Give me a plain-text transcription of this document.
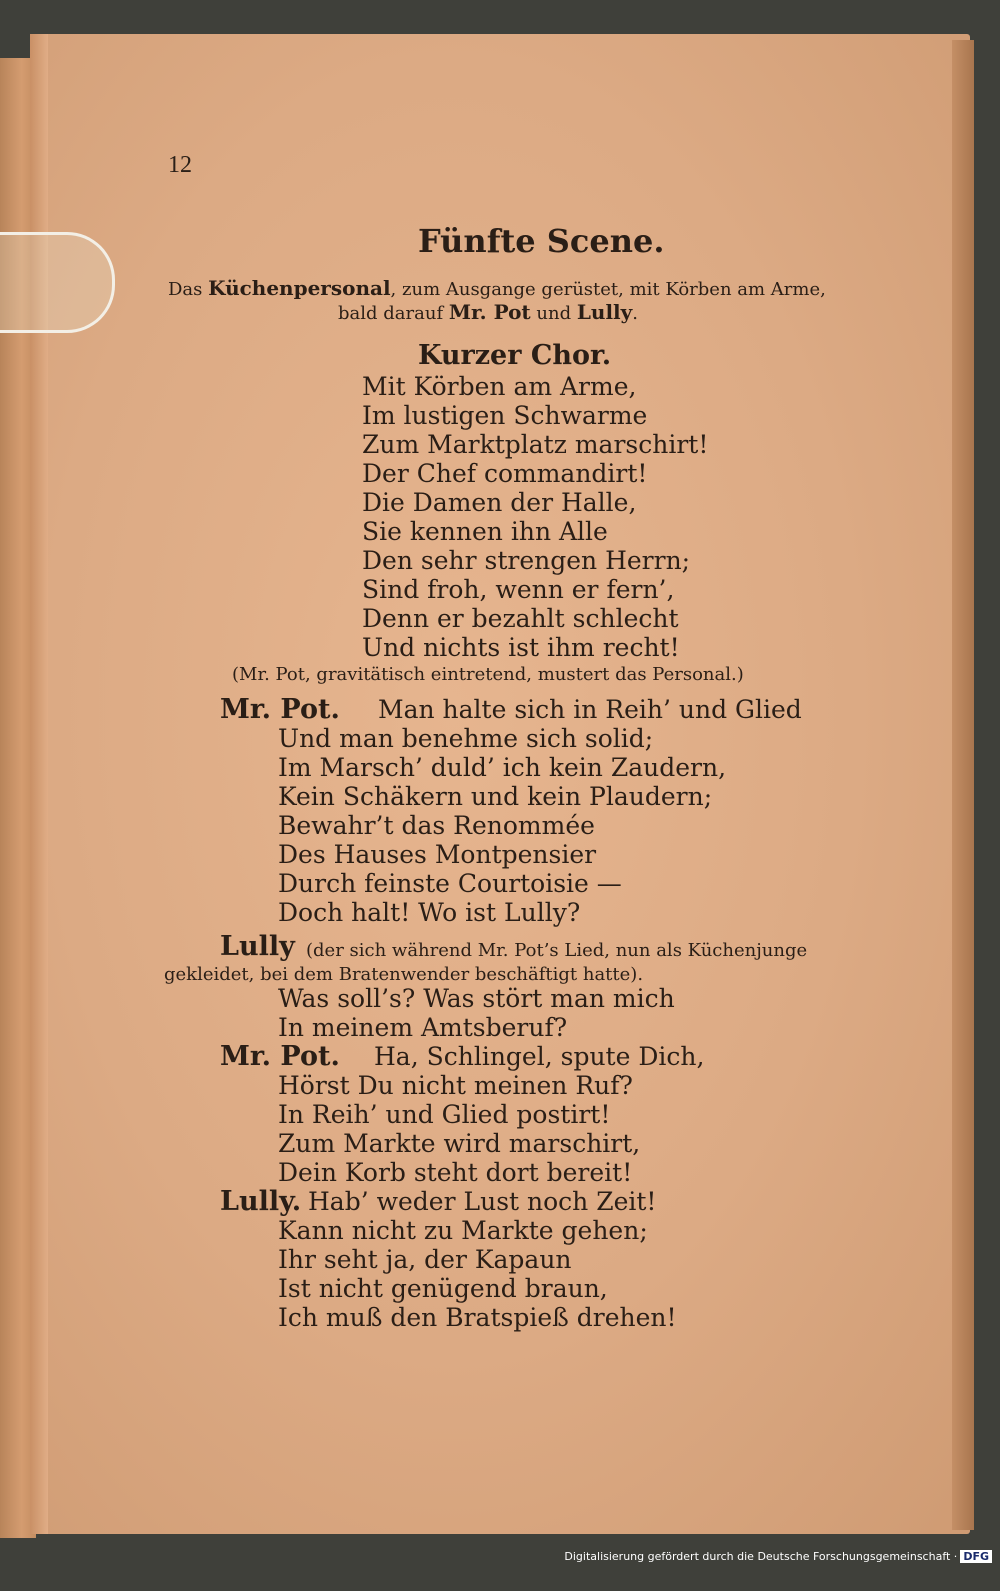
12
Fünfte Scene.
Das Küchenpersonal, zum Ausgange gerüstet, mit Körben am Arme,
bald darauf Mr. Pot und Lully.
Kurzer Chor.
Mit Körben am Arme,
Im lustigen Schwarme
Zum Marktplatz marschirt!
Der Chef commandirt!
Die Damen der Halle,
Sie kennen ihn Alle
Den sehr strengen Herrn;
Sind froh, wenn er fern’,
Denn er bezahlt schlecht
Und nichts ist ihm recht!
(Mr. Pot, gravitätisch eintretend, mustert das Personal.)
Mr. Pot. Man halte sich in Reih’ und Glied
Und man benehme sich solid;
Im Marsch’ duld’ ich kein Zaudern,
Kein Schäkern und kein Plaudern;
Bewahr’t das Renommée
Des Hauses Montpensier
Durch feinste Courtoisie —
Doch halt! Wo ist Lully?
Lully (der sich während Mr. Pot’s Lied, nun als Küchenjunge
gekleidet, bei dem Bratenwender beschäftigt hatte).
Was soll’s? Was stört man mich
In meinem Amtsberuf?
Mr. Pot. Ha, Schlingel, spute Dich,
Hörst Du nicht meinen Ruf?
In Reih’ und Glied postirt!
Zum Markte wird marschirt,
Dein Korb steht dort bereit!
Lully. Hab’ weder Lust noch Zeit!
Kann nicht zu Markte gehen;
Ihr seht ja, der Kapaun
Ist nicht genügend braun,
Ich muß den Bratspieß drehen!
Digitalisierung gefördert durch die Deutsche Forschungsgemeinschaft · DFG
